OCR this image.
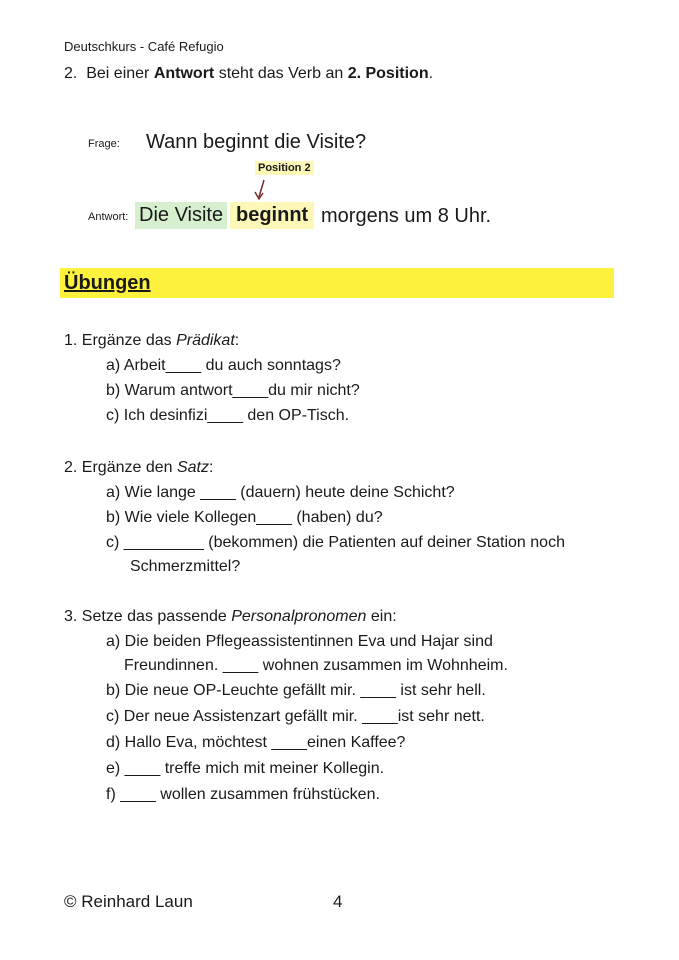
Deutschkurs - Café Refugio
2. Bei einer Antwort steht das Verb an 2. Position.
Frage: Wann beginnt die Visite?
Position 2
Antwort: Die Visite beginnt morgens um 8 Uhr.
Übungen
1. Ergänze das Prädikat:
a) Arbeit____ du auch sonntags?
b) Warum antwort____du mir nicht?
c) Ich desinfizi____ den OP-Tisch.
2. Ergänze den Satz:
a) Wie lange ____ (dauern) heute deine Schicht?
b) Wie viele Kollegen____ (haben) du?
c) _________ (bekommen) die Patienten auf deiner Station noch
Schmerzmittel?
3. Setze das passende Personalpronomen ein:
a) Die beiden Pflegeassistentinnen Eva und Hajar sind
Freundinnen. ____ wohnen zusammen im Wohnheim.
b) Die neue OP-Leuchte gefällt mir. ____ ist sehr hell.
c) Der neue Assistenzart gefällt mir. ____ist sehr nett.
d) Hallo Eva, möchtest ____einen Kaffee?
e) ____ treffe mich mit meiner Kollegin.
f) ____ wollen zusammen frühstücken.
© Reinhard Laun	4
